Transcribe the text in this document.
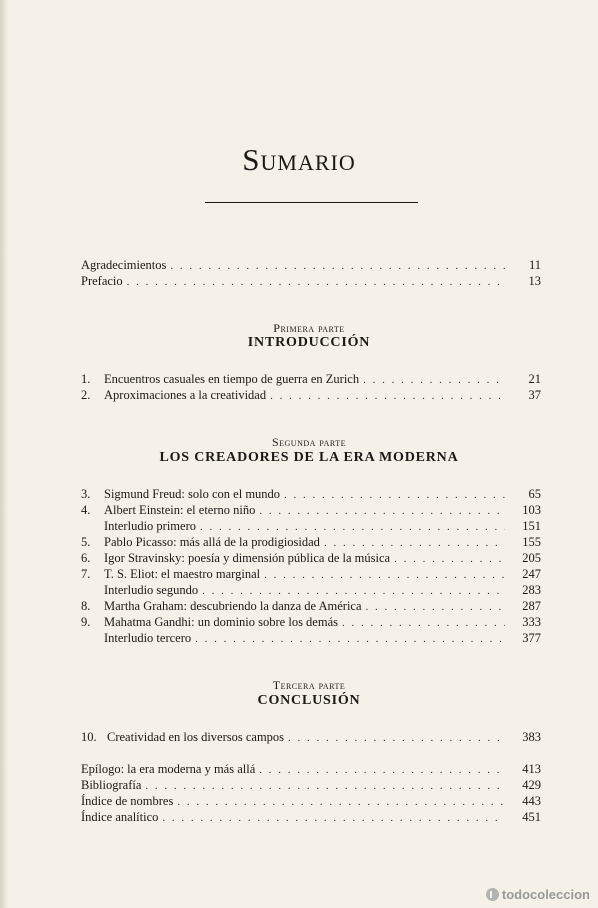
Sumario
Agradecimientos . . .	11
Prefacio . . .	13
Primera parte
INTRODUCCIÓN
1.	Encuentros casuales en tiempo de guerra en Zurich . . .	21
2.	Aproximaciones a la creatividad . . .	37
Segunda parte
LOS CREADORES DE LA ERA MODERNA
3.	Sigmund Freud: solo con el mundo . . .	65
4.	Albert Einstein: el eterno niño . . .	103
Interludio primero . . .	151
5.	Pablo Picasso: más allá de la prodigiosidad . . .	155
6.	Igor Stravinsky: poesía y dimensión pública de la música . . .	205
7.	T. S. Eliot: el maestro marginal . . .	247
Interludio segundo . . .	283
8.	Martha Graham: descubriendo la danza de América . . .	287
9.	Mahatma Gandhi: un dominio sobre los demás . . .	333
Interludio tercero . . .	377
Tercera parte
CONCLUSIÓN
10. Creatividad en los diversos campos . . .	383
Epílogo: la era moderna y más allá . . .	413
Bibliografía . . .	429
Índice de nombres . . .	443
Índice analítico . . .	451
todocoleccion
